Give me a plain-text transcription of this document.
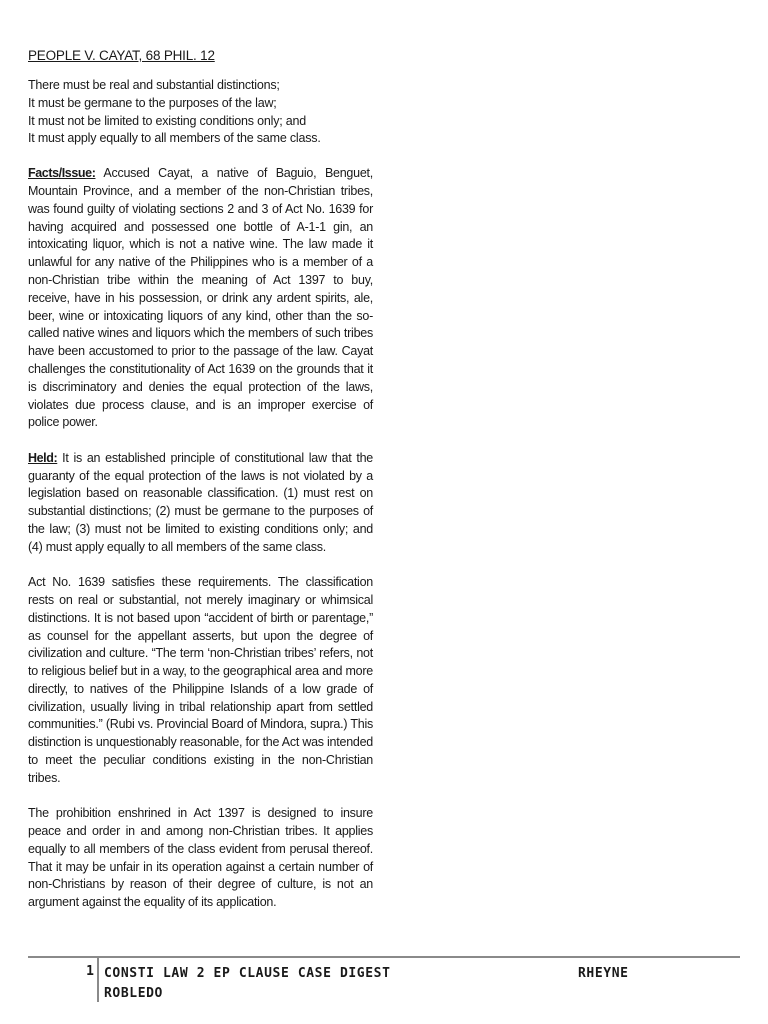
PEOPLE V. CAYAT, 68 PHIL. 12
There must be real and substantial distinctions;
It must be germane to the purposes of the law;
It must not be limited to existing conditions only; and
It must apply equally to all members of the same class.

Facts/Issue: Accused Cayat, a native of Baguio, Benguet, Mountain Province, and a member of the non-Christian tribes, was found guilty of violating sections 2 and 3 of Act No. 1639 for having acquired and possessed one bottle of A-1-1 gin, an intoxicating liquor, which is not a native wine. The law made it unlawful for any native of the Philippines who is a member of a non-Christian tribe within the meaning of Act 1397 to buy, receive, have in his possession, or drink any ardent spirits, ale, beer, wine or intoxicating liquors of any kind, other than the so-called native wines and liquors which the members of such tribes have been accustomed to prior to the passage of the law. Cayat challenges the constitutionality of Act 1639 on the grounds that it is discriminatory and denies the equal protection of the laws, violates due process clause, and is an improper exercise of police power.

Held: It is an established principle of constitutional law that the guaranty of the equal protection of the laws is not violated by a legislation based on reasonable classification. (1) must rest on substantial distinctions; (2) must be germane to the purposes of the law; (3) must not be limited to existing conditions only; and (4) must apply equally to all members of the same class.

Act No. 1639 satisfies these requirements. The classification rests on real or substantial, not merely imaginary or whimsical distinctions. It is not based upon “accident of birth or parentage,” as counsel for the appellant asserts, but upon the degree of civilization and culture. “The term ‘non-Christian tribes’ refers, not to religious belief but in a way, to the geographical area and more directly, to natives of the Philippine Islands of a low grade of civilization, usually living in tribal relationship apart from settled communities.” (Rubi vs. Provincial Board of Mindora, supra.) This distinction is unquestionably reasonable, for the Act was intended to meet the peculiar conditions existing in the non-Christian tribes.

The prohibition enshrined in Act 1397 is designed to insure peace and order in and among non-Christian tribes. It applies equally to all members of the class evident from perusal thereof. That it may be unfair in its operation against a certain number of non-Christians by reason of their degree of culture, is not an argument against the equality of its application.

1 CONSTI LAW 2 EP CLAUSE CASE DIGEST	RHEYNE
ROBLEDO
